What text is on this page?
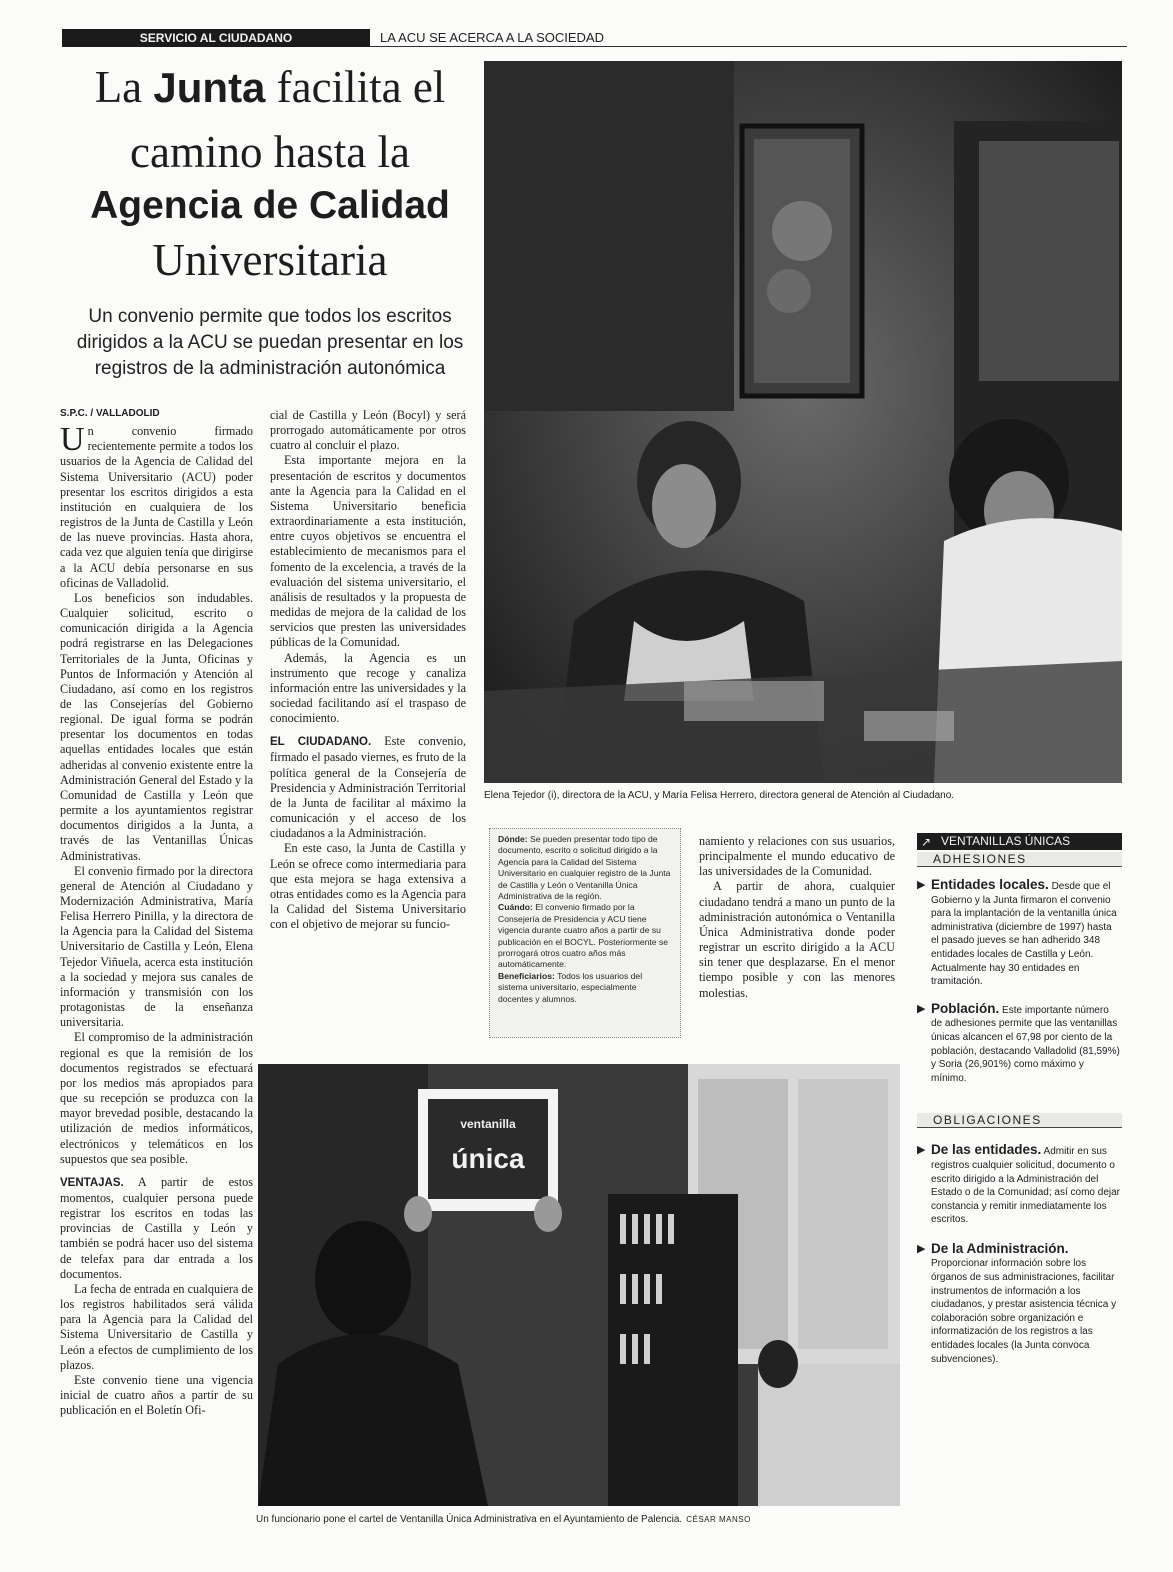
SERVICIO AL CIUDADANO	LA ACU SE ACERCA A LA SOCIEDAD
La Junta facilita el
camino hasta la
Agencia de Calidad
Universitaria
Un convenio permite que todos los escritos dirigidos a la ACU se puedan presentar en los registros de la administración autonómica
S.P.C. / VALLADOLID

Un convenio firmado recientemente permite a todos los usuarios de la Agencia de Calidad del Sistema Universitario (ACU) poder presentar los escritos dirigidos a esta institución en cualquiera de los registros de la Junta de Castilla y León de las nueve provincias. Hasta ahora, cada vez que alguien tenía que dirigirse a la ACU debía personarse en sus oficinas de Valladolid.

Los beneficios son indudables. Cualquier solicitud, escrito o comunicación dirigida a la Agencia podrá registrarse en las Delegaciones Territoriales de la Junta, Oficinas y Puntos de Información y Atención al Ciudadano, así como en los registros de las Consejerías del Gobierno regional. De igual forma se podrán presentar los documentos en todas aquellas entidades locales que están adheridas al convenio existente entre la Administración General del Estado y la Comunidad de Castilla y León que permite a los ayuntamientos registrar documentos dirigidos a la Junta, a través de las Ventanillas Únicas Administrativas.

El convenio firmado por la directora general de Atención al Ciudadano y Modernización Administrativa, María Felisa Herrero Pinilla, y la directora de la Agencia para la Calidad del Sistema Universitario de Castilla y León, Elena Tejedor Viñuela, acerca esta institución a la sociedad y mejora sus canales de información y transmisión con los protagonistas de la enseñanza universitaria.

El compromiso de la administración regional es que la remisión de los documentos registrados se efectuará por los medios más apropiados para que su recepción se produzca con la mayor brevedad posible, destacando la utilización de medios informáticos, electrónicos y telemáticos en los supuestos que sea posible.

VENTAJAS. A partir de estos momentos, cualquier persona puede registrar los escritos en todas las provincias de Castilla y León y también se podrá hacer uso del sistema de telefax para dar entrada a los documentos.

La fecha de entrada en cualquiera de los registros habilitados será válida para la Agencia para la Calidad del Sistema Universitario de Castilla y León a efectos de cumplimiento de los plazos.

Este convenio tiene una vigencia inicial de cuatro años a partir de su publicación en el Boletín Ofi-

cial de Castilla y León (Bocyl) y será prorrogado automáticamente por otros cuatro al concluir el plazo.

Esta importante mejora en la presentación de escritos y documentos ante la Agencia para la Calidad en el Sistema Universitario beneficia extraordinariamente a esta institución, entre cuyos objetivos se encuentra el establecimiento de mecanismos para el fomento de la excelencia, a través de la evaluación del sistema universitario, el análisis de resultados y la propuesta de medidas de mejora de la calidad de los servicios que presten las universidades públicas de la Comunidad.

Además, la Agencia es un instrumento que recoge y canaliza información entre las universidades y la sociedad facilitando así el traspaso de conocimiento.

EL CIUDADANO. Este convenio, firmado el pasado viernes, es fruto de la política general de la Consejería de Presidencia y Administración Territorial de la Junta de facilitar al máximo la comunicación y el acceso de los ciudadanos a la Administración.

En este caso, la Junta de Castilla y León se ofrece como intermediaria para que esta mejora se haga extensiva a otras entidades como es la Agencia para la Calidad del Sistema Universitario con el objetivo de mejorar su funcio-

namiento y relaciones con sus usuarios, principalmente el mundo educativo de las universidades de la Comunidad.

A partir de ahora, cualquier ciudadano tendrá a mano un punto de la administración autonómica o Ventanilla Única Administrativa donde poder registrar un escrito dirigido a la ACU sin tener que desplazarse. En el menor tiempo posible y con las menores molestias.

Elena Tejedor (i), directora de la ACU, y María Felisa Herrero, directora general de Atención al Ciudadano.
Dónde: Se pueden presentar todo tipo de documento, escrito o solicitud dirigido a la Agencia para la Calidad del Sistema Universitario en cualquier registro de la Junta de Castilla y León o Ventanilla Única Administrativa de la región.
Cuándo: El convenio firmado por la Consejería de Presidencia y ACU tiene vigencia durante cuatro años a partir de su publicación en el BOCYL. Posteriormente se prorrogará otros cuatro años más automáticamente.
Beneficiarios: Todos los usuarios del sistema universitario, especialmente docentes y alumnos.
ventanilla
única
Un funcionario pone el cartel de Ventanilla Única Administrativa en el Ayuntamiento de Palencia. CÉSAR MANSO
↗ VENTANILLAS ÚNICAS
ADHESIONES
▶ Entidades locales. Desde que el Gobierno y la Junta firmaron el convenio para la implantación de la ventanilla única administrativa (diciembre de 1997) hasta el pasado jueves se han adherido 348 entidades locales de Castilla y León. Actualmente hay 30 entidades en tramitación.
▶ Población. Este importante número de adhesiones permite que las ventanillas únicas alcancen el 67,98 por ciento de la población, destacando Valladolid (81,59%) y Soria (26,901%) como máximo y mínimo.
OBLIGACIONES
▶ De las entidades. Admitir en sus registros cualquier solicitud, documento o escrito dirigido a la Administración del Estado o de la Comunidad; así como dejar constancia y remitir inmediatamente los escritos.
▶ De la Administración. Proporcionar información sobre los órganos de sus administraciones, facilitar instrumentos de información a los ciudadanos, y prestar asistencia técnica y colaboración sobre organización e informatización de los registros a las entidades locales (la Junta convoca subvenciones).
